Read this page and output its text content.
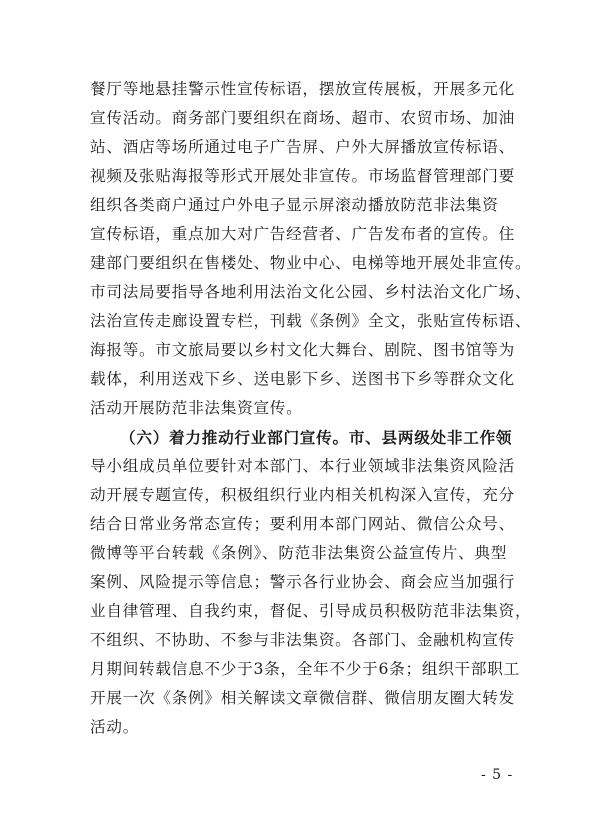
餐厅等地悬挂警示性宣传标语，摆放宣传展板，开展多元化
宣传活动。商务部门要组织在商场、超市、农贸市场、加油
站、酒店等场所通过电子广告屏、户外大屏播放宣传标语、
视频及张贴海报等形式开展处非宣传。市场监督管理部门要
组织各类商户通过户外电子显示屏滚动播放防范非法集资
宣传标语，重点加大对广告经营者、广告发布者的宣传。住
建部门要组织在售楼处、物业中心、电梯等地开展处非宣传。
市司法局要指导各地利用法治文化公园、乡村法治文化广场、
法治宣传走廊设置专栏，刊载《条例》全文，张贴宣传标语、
海报等。市文旅局要以乡村文化大舞台、剧院、图书馆等为
载体，利用送戏下乡、送电影下乡、送图书下乡等群众文化
活动开展防范非法集资宣传。
（六）着力推动行业部门宣传。市、县两级处非工作领
导小组成员单位要针对本部门、本行业领域非法集资风险活
动开展专题宣传，积极组织行业内相关机构深入宣传，充分
结合日常业务常态宣传；要利用本部门网站、微信公众号、
微博等平台转载《条例》、防范非法集资公益宣传片、典型
案例、风险提示等信息；警示各行业协会、商会应当加强行
业自律管理、自我约束，督促、引导成员积极防范非法集资，
不组织、不协助、不参与非法集资。各部门、金融机构宣传
月期间转载信息不少于3条，全年不少于6条；组织干部职工
开展一次《条例》相关解读文章微信群、微信朋友圈大转发
活动。
- 5 -
